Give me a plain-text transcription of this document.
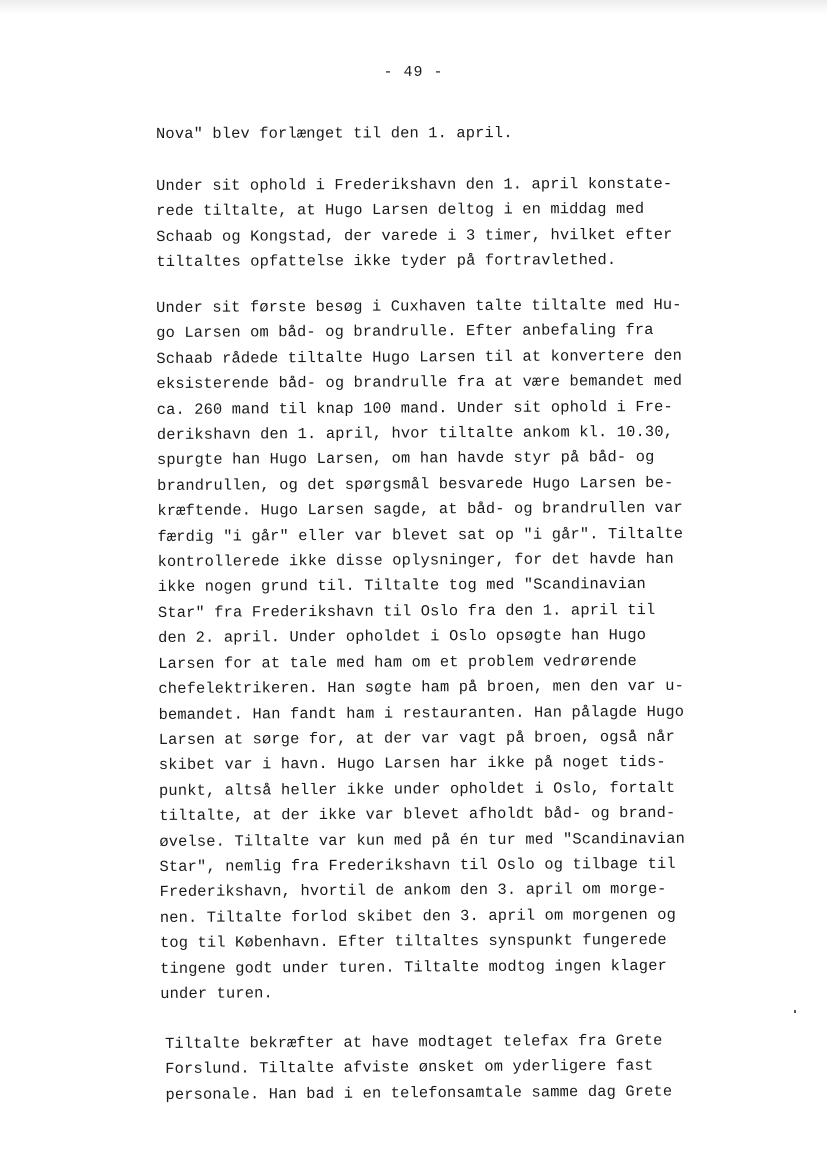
- 49 -

Nova" blev forlænget til den 1. april.

Under sit ophold i Frederikshavn den 1. april konstate-
rede tiltalte, at Hugo Larsen deltog i en middag med
Schaab og Kongstad, der varede i 3 timer, hvilket efter
tiltaltes opfattelse ikke tyder på fortravlethed.

Under sit første besøg i Cuxhaven talte tiltalte med Hu-
go Larsen om båd- og brandrulle. Efter anbefaling fra
Schaab rådede tiltalte Hugo Larsen til at konvertere den
eksisterende båd- og brandrulle fra at være bemandet med
ca. 260 mand til knap 100 mand. Under sit ophold i Fre-
derikshavn den 1. april, hvor tiltalte ankom kl. 10.30,
spurgte han Hugo Larsen, om han havde styr på båd- og
brandrullen, og det spørgsmål besvarede Hugo Larsen be-
kræftende. Hugo Larsen sagde, at båd- og brandrullen var
færdig "i går" eller var blevet sat op "i går". Tiltalte
kontrollerede ikke disse oplysninger, for det havde han
ikke nogen grund til. Tiltalte tog med "Scandinavian
Star" fra Frederikshavn til Oslo fra den 1. april til
den 2. april. Under opholdet i Oslo opsøgte han Hugo
Larsen for at tale med ham om et problem vedrørende
chefelektrikeren. Han søgte ham på broen, men den var u-
bemandet. Han fandt ham i restauranten. Han pålagde Hugo
Larsen at sørge for, at der var vagt på broen, også når
skibet var i havn. Hugo Larsen har ikke på noget tids-
punkt, altså heller ikke under opholdet i Oslo, fortalt
tiltalte, at der ikke var blevet afholdt båd- og brand-
øvelse. Tiltalte var kun med på én tur med "Scandinavian
Star", nemlig fra Frederikshavn til Oslo og tilbage til
Frederikshavn, hvortil de ankom den 3. april om morge-
nen. Tiltalte forlod skibet den 3. april om morgenen og
tog til København. Efter tiltaltes synspunkt fungerede
tingene godt under turen. Tiltalte modtog ingen klager
under turen.

Tiltalte bekræfter at have modtaget telefax fra Grete
Forslund. Tiltalte afviste ønsket om yderligere fast
personale. Han bad i en telefonsamtale samme dag Grete
